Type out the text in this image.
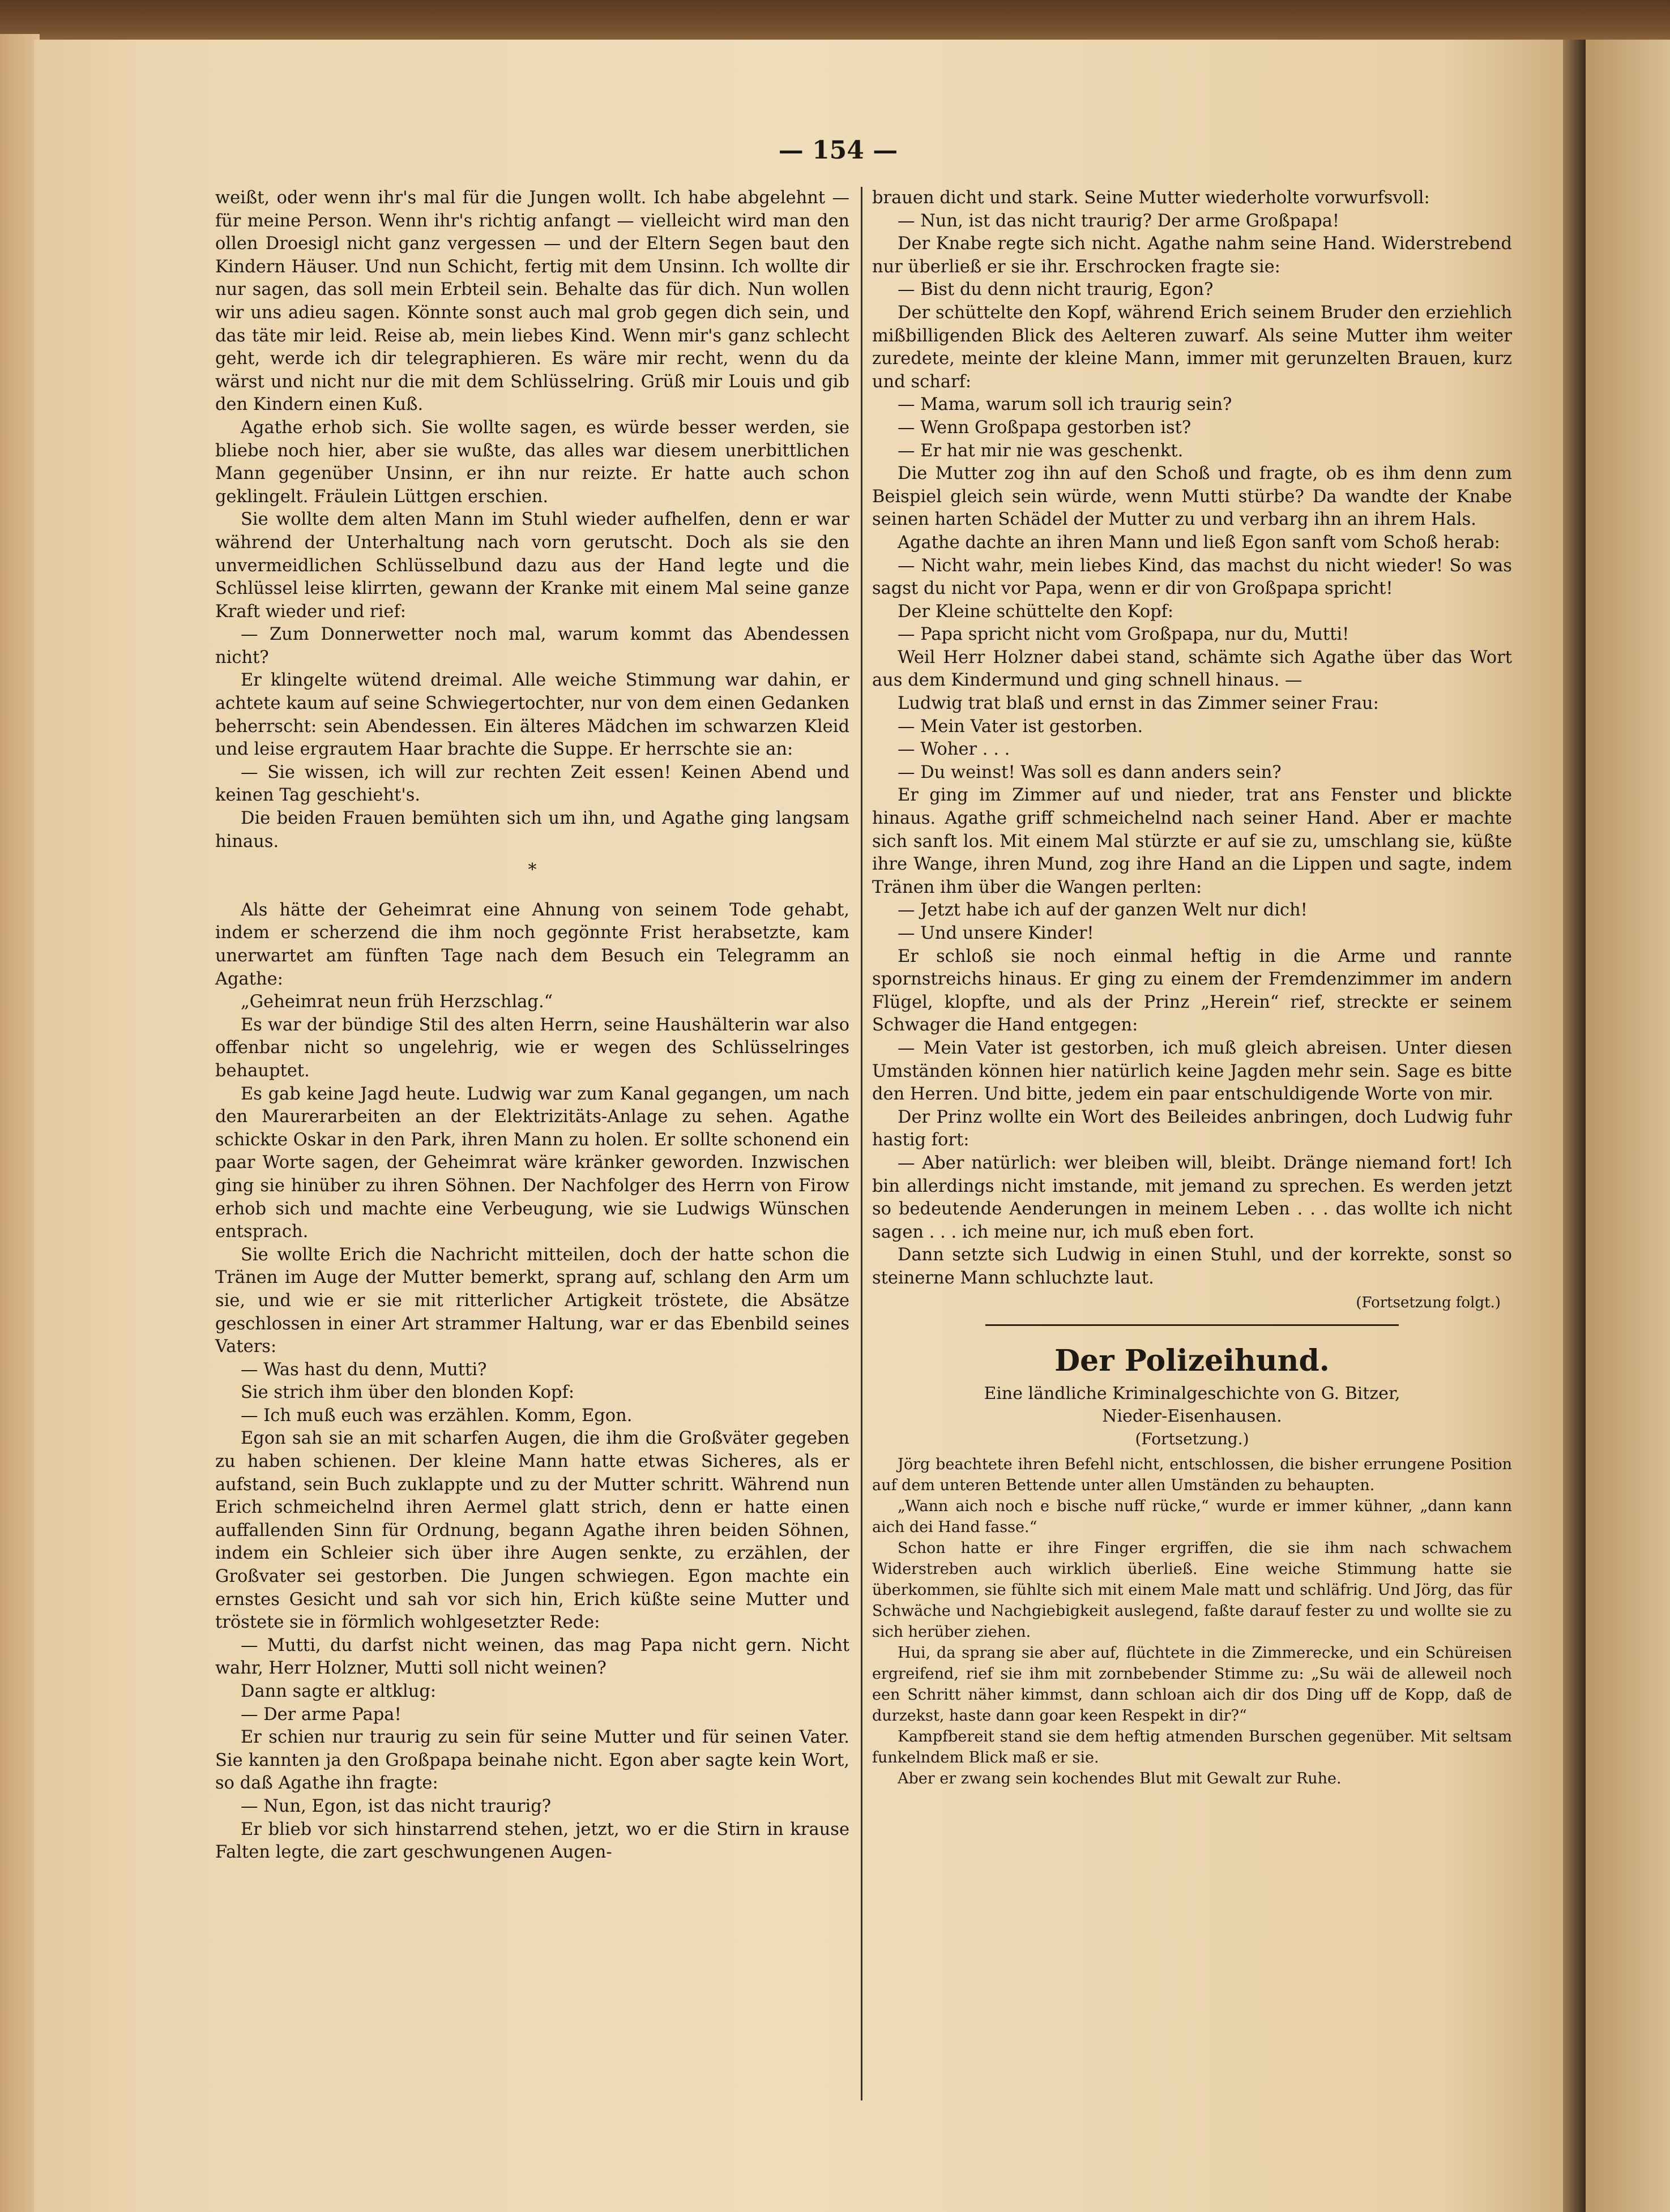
— 154 —

weißt, oder wenn ihr's mal für die Jungen wollt. Ich habe abgelehnt — für meine Person. Wenn ihr's richtig anfangt — vielleicht wird man den ollen Droesigl nicht ganz vergessen — und der Eltern Segen baut den Kindern Häuser. Und nun Schicht, fertig mit dem Unsinn. Ich wollte dir nur sagen, das soll mein Erbteil sein. Behalte das für dich. Nun wollen wir uns adieu sagen. Könnte sonst auch mal grob gegen dich sein, und das täte mir leid. Reise ab, mein liebes Kind. Wenn mir's ganz schlecht geht, werde ich dir telegraphieren. Es wäre mir recht, wenn du da wärst und nicht nur die mit dem Schlüsselring. Grüß mir Louis und gib den Kindern einen Kuß.

Agathe erhob sich. Sie wollte sagen, es würde besser werden, sie bliebe noch hier, aber sie wußte, das alles war diesem unerbittlichen Mann gegenüber Unsinn, er ihn nur reizte. Er hatte auch schon geklingelt. Fräulein Lüttgen erschien.

Sie wollte dem alten Mann im Stuhl wieder aufhelfen, denn er war während der Unterhaltung nach vorn gerutscht. Doch als sie den unvermeidlichen Schlüsselbund dazu aus der Hand legte und die Schlüssel leise klirrten, gewann der Kranke mit einem Mal seine ganze Kraft wieder und rief:

— Zum Donnerwetter noch mal, warum kommt das Abendessen nicht?

Er klingelte wütend dreimal. Alle weiche Stimmung war dahin, er achtete kaum auf seine Schwiegertochter, nur von dem einen Gedanken beherrscht: sein Abendessen. Ein älteres Mädchen im schwarzen Kleid und leise ergrautem Haar brachte die Suppe. Er herrschte sie an:

— Sie wissen, ich will zur rechten Zeit essen! Keinen Abend und keinen Tag geschieht's.

Die beiden Frauen bemühten sich um ihn, und Agathe ging langsam hinaus.

*

Als hätte der Geheimrat eine Ahnung von seinem Tode gehabt, indem er scherzend die ihm noch gegönnte Frist herabsetzte, kam unerwartet am fünften Tage nach dem Besuch ein Telegramm an Agathe:

„Geheimrat neun früh Herzschlag.“

Es war der bündige Stil des alten Herrn, seine Haushälterin war also offenbar nicht so ungelehrig, wie er wegen des Schlüsselringes behauptet.

Es gab keine Jagd heute. Ludwig war zum Kanal gegangen, um nach den Maurerarbeiten an der Elektrizitäts-Anlage zu sehen. Agathe schickte Oskar in den Park, ihren Mann zu holen. Er sollte schonend ein paar Worte sagen, der Geheimrat wäre kränker geworden. Inzwischen ging sie hinüber zu ihren Söhnen. Der Nachfolger des Herrn von Firow erhob sich und machte eine Verbeugung, wie sie Ludwigs Wünschen entsprach.

Sie wollte Erich die Nachricht mitteilen, doch der hatte schon die Tränen im Auge der Mutter bemerkt, sprang auf, schlang den Arm um sie, und wie er sie mit ritterlicher Artigkeit tröstete, die Absätze geschlossen in einer Art strammer Haltung, war er das Ebenbild seines Vaters:

— Was hast du denn, Mutti?

Sie strich ihm über den blonden Kopf:

— Ich muß euch was erzählen. Komm, Egon.

Egon sah sie an mit scharfen Augen, die ihm die Großväter gegeben zu haben schienen. Der kleine Mann hatte etwas Sicheres, als er aufstand, sein Buch zuklappte und zu der Mutter schritt. Während nun Erich schmeichelnd ihren Aermel glatt strich, denn er hatte einen auffallenden Sinn für Ordnung, begann Agathe ihren beiden Söhnen, indem ein Schleier sich über ihre Augen senkte, zu erzählen, der Großvater sei gestorben. Die Jungen schwiegen. Egon machte ein ernstes Gesicht und sah vor sich hin, Erich küßte seine Mutter und tröstete sie in förmlich wohlgesetzter Rede:

— Mutti, du darfst nicht weinen, das mag Papa nicht gern. Nicht wahr, Herr Holzner, Mutti soll nicht weinen?

Dann sagte er altklug:

— Der arme Papa!

Er schien nur traurig zu sein für seine Mutter und für seinen Vater. Sie kannten ja den Großpapa beinahe nicht. Egon aber sagte kein Wort, so daß Agathe ihn fragte:

— Nun, Egon, ist das nicht traurig?

Er blieb vor sich hinstarrend stehen, jetzt, wo er die Stirn in krause Falten legte, die zart geschwungenen Augen-

brauen dicht und stark. Seine Mutter wiederholte vorwurfsvoll:

— Nun, ist das nicht traurig? Der arme Großpapa!

Der Knabe regte sich nicht. Agathe nahm seine Hand. Widerstrebend nur überließ er sie ihr. Erschrocken fragte sie:

— Bist du denn nicht traurig, Egon?

Der schüttelte den Kopf, während Erich seinem Bruder den erziehlich mißbilligenden Blick des Aelteren zuwarf. Als seine Mutter ihm weiter zuredete, meinte der kleine Mann, immer mit gerunzelten Brauen, kurz und scharf:

— Mama, warum soll ich traurig sein?

— Wenn Großpapa gestorben ist?

— Er hat mir nie was geschenkt.

Die Mutter zog ihn auf den Schoß und fragte, ob es ihm denn zum Beispiel gleich sein würde, wenn Mutti stürbe? Da wandte der Knabe seinen harten Schädel der Mutter zu und verbarg ihn an ihrem Hals.

Agathe dachte an ihren Mann und ließ Egon sanft vom Schoß herab:

— Nicht wahr, mein liebes Kind, das machst du nicht wieder! So was sagst du nicht vor Papa, wenn er dir von Großpapa spricht!

Der Kleine schüttelte den Kopf:

— Papa spricht nicht vom Großpapa, nur du, Mutti!

Weil Herr Holzner dabei stand, schämte sich Agathe über das Wort aus dem Kindermund und ging schnell hinaus. —

Ludwig trat blaß und ernst in das Zimmer seiner Frau:

— Mein Vater ist gestorben.

— Woher . . .

— Du weinst! Was soll es dann anders sein?

Er ging im Zimmer auf und nieder, trat ans Fenster und blickte hinaus. Agathe griff schmeichelnd nach seiner Hand. Aber er machte sich sanft los. Mit einem Mal stürzte er auf sie zu, umschlang sie, küßte ihre Wange, ihren Mund, zog ihre Hand an die Lippen und sagte, indem Tränen ihm über die Wangen perlten:

— Jetzt habe ich auf der ganzen Welt nur dich!

— Und unsere Kinder!

Er schloß sie noch einmal heftig in die Arme und rannte spornstreichs hinaus. Er ging zu einem der Fremdenzimmer im andern Flügel, klopfte, und als der Prinz „Herein“ rief, streckte er seinem Schwager die Hand entgegen:

— Mein Vater ist gestorben, ich muß gleich abreisen. Unter diesen Umständen können hier natürlich keine Jagden mehr sein. Sage es bitte den Herren. Und bitte, jedem ein paar entschuldigende Worte von mir.

Der Prinz wollte ein Wort des Beileides anbringen, doch Ludwig fuhr hastig fort:

— Aber natürlich: wer bleiben will, bleibt. Dränge niemand fort! Ich bin allerdings nicht imstande, mit jemand zu sprechen. Es werden jetzt so bedeutende Aenderungen in meinem Leben . . . das wollte ich nicht sagen . . . ich meine nur, ich muß eben fort.

Dann setzte sich Ludwig in einen Stuhl, und der korrekte, sonst so steinerne Mann schluchzte laut.

(Fortsetzung folgt.)
Der Polizeihund.
Eine ländliche Kriminalgeschichte von G. Bitzer,
Nieder-Eisenhausen.
(Fortsetzung.)

Jörg beachtete ihren Befehl nicht, entschlossen, die bisher errungene Position auf dem unteren Bettende unter allen Umständen zu behaupten.

„Wann aich noch e bische nuff rücke,“ wurde er immer kühner, „dann kann aich dei Hand fasse.“

Schon hatte er ihre Finger ergriffen, die sie ihm nach schwachem Widerstreben auch wirklich überließ. Eine weiche Stimmung hatte sie überkommen, sie fühlte sich mit einem Male matt und schläfrig. Und Jörg, das für Schwäche und Nachgiebigkeit auslegend, faßte darauf fester zu und wollte sie zu sich herüber ziehen.

Hui, da sprang sie aber auf, flüchtete in die Zimmerecke, und ein Schüreisen ergreifend, rief sie ihm mit zornbebender Stimme zu: „Su wäi de alleweil noch een Schritt näher kimmst, dann schloan aich dir dos Ding uff de Kopp, daß de durzekst, haste dann goar keen Respekt in dir?“

Kampfbereit stand sie dem heftig atmenden Burschen gegenüber. Mit seltsam funkelndem Blick maß er sie.

Aber er zwang sein kochendes Blut mit Gewalt zur Ruhe.
